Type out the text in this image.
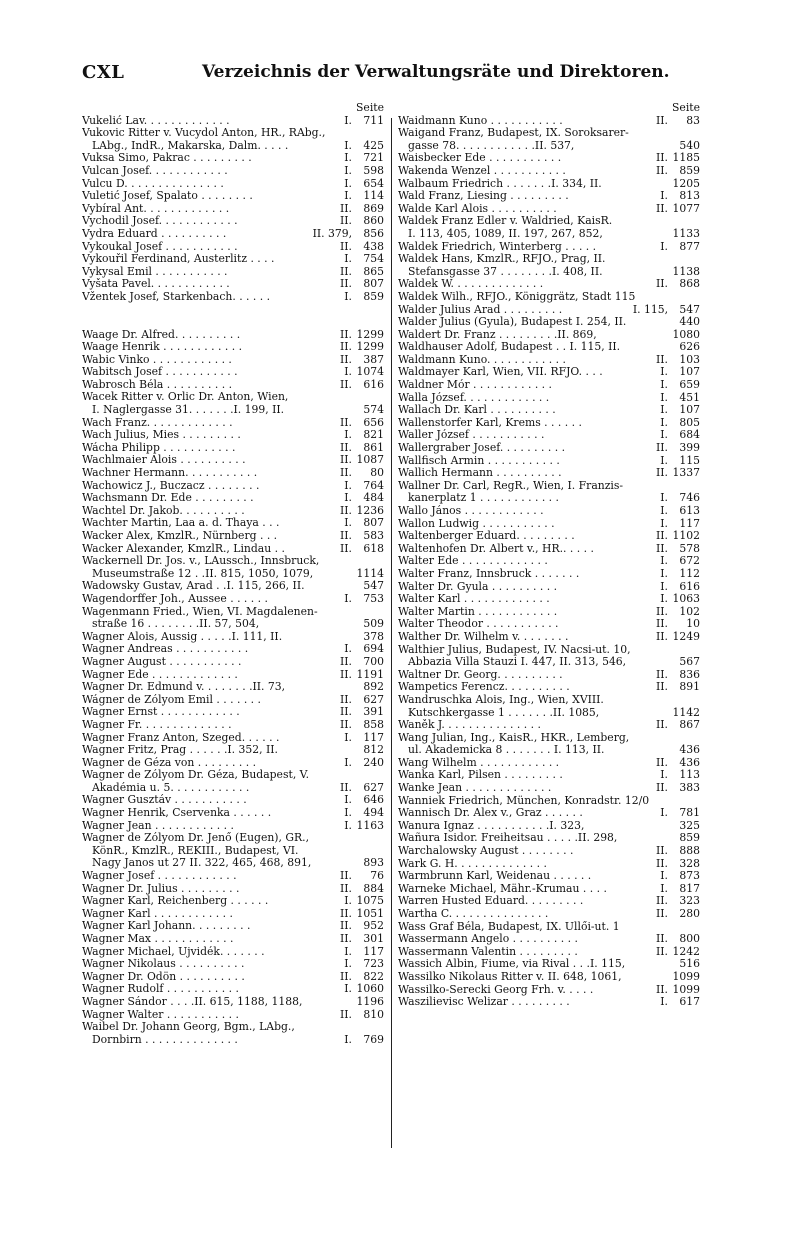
CXL	Verzeichnis der Verwaltungsräte und Direktoren.
Seite
Vukelić Lav. . . . . . . . . . . . .	I. 711
Vukovic Ritter v. Vucydol Anton, HR., RAbg.,
LAbg., IndR., Makarska, Dalm. . . . .	I. 425
Vuksa Simo, Pakrac . . . . . . . . .	I. 721
Vulcan Josef. . . . . . . . . . . .	I. 598
Vulcu D. . . . . . . . . . . . . . .	I. 654
Vuletić Josef, Spalato . . . . . . . .	I. 114
Vybíral Ant. . . . . . . . . . . . .	II. 869
Vychodil Josef. . . . . . . . . . . .	II. 860
Vydra Eduard . . . . . . . . . .	II. 379, 856
Vykoukal Josef . . . . . . . . . . .	II. 438
Vykouřil Ferdinand, Austerlitz . . . .	I. 754
Vykysal Emil . . . . . . . . . . .	II. 865
Vyšata Pavel. . . . . . . . . . . .	II. 807
Vžentek Josef, Starkenbach. . . . . .	I. 859
Waage Dr. Alfred. . . . . . . . . .	II. 1299
Waage Henrik . . . . . . . . . . . .	II. 1299
Wabic Vinko . . . . . . . . . . . .	II. 387
Wabitsch Josef . . . . . . . . . . .	I. 1074
Wabrosch Béla . . . . . . . . . .	II. 616
Wacek Ritter v. Orlic Dr. Anton, Wien,
I. Naglergasse 31. . . . . . .I. 199, II.	574
Wach Franz. . . . . . . . . . . . .	II. 656
Wach Julius, Mies . . . . . . . . .	I. 821
Wácha Philipp . . . . . . . . . . .	II. 861
Wachlmaier Alois . . . . . . . . . .	II. 1087
Wachner Hermann. . . . . . . . . . .	II. 80
Wachowicz J., Buczacz . . . . . . . .	I. 764
Wachsmann Dr. Ede . . . . . . . . .	I. 484
Wachtel Dr. Jakob. . . . . . . . . .	II. 1236
Wachter Martin, Laa a. d. Thaya . . .	I. 807
Wacker Alex, KmzlR., Nürnberg . . .	II. 583
Wacker Alexander, KmzlR., Lindau . .	II. 618
Wackernell Dr. Jos. v., LAussch., Innsbruck,
Museumstraße 12 . .II. 815, 1050, 1079,	1114
Wadowsky Gustav, Arad . .I. 115, 266, II.	547
Wagendorffer Joh., Aussee . . . . . .	I. 753
Wagenmann Fried., Wien, VI. Magdalenen-
straße 16 . . . . . . . .II. 57, 504,	509
Wagner Alois, Aussig . . . . .I. 111, II.	378
Wagner Andreas . . . . . . . . . . .	I. 694
Wagner August . . . . . . . . . . .	II. 700
Wagner Ede . . . . . . . . . . . . .	II. 1191
Wagner Dr. Edmund v. . . . . . . .II. 73,	892
Wágner de Zólyom Emil . . . . . . .	II. 627
Wagner Ernst . . . . . . . . . . . .	II. 391
Wagner Fr. . . . . . . . . . . . . .	II. 858
Wagner Franz Anton, Szeged. . . . . .	I. 117
Wagner Fritz, Prag . . . . . .I. 352, II.	812
Wagner de Géza von . . . . . . . . .	I. 240
Wagner de Zólyom Dr. Géza, Budapest, V.
Akadémia u. 5. . . . . . . . . . . .	II. 627
Wagner Gusztáv . . . . . . . . . . .	I. 646
Wagner Henrik, Cservenka . . . . . .	I. 494
Wagner Jean . . . . . . . . . . . .	I. 1163
Wagner de Zólyom Dr. Jenő (Eugen), GR.,
KönR., KmzlR., REKIII., Budapest, VI.
Nagy Janos ut 27 II. 322, 465, 468, 891,	893
Wagner Josef . . . . . . . . . . . .	II. 76
Wagner Dr. Julius . . . . . . . . .	II. 884
Wagner Karl, Reichenberg . . . . . .	I. 1075
Wagner Karl . . . . . . . . . . . .	II. 1051
Wagner Karl Johann. . . . . . . . .	II. 952
Wagner Max . . . . . . . . . . . .	II. 301
Wagner Michael, Ujvidék. . . . . . .	I. 117
Wagner Nikolaus . . . . . . . . . .	I. 723
Wagner Dr. Ödön . . . . . . . . . .	II. 822
Wagner Rudolf . . . . . . . . . . .	I. 1060
Wagner Sándor . . . .II. 615, 1188, 1188,	1196
Wagner Walter . . . . . . . . . . .	II. 810
Waibel Dr. Johann Georg, Bgm., LAbg.,
Dornbirn . . . . . . . . . . . . . .	I. 769
Seite
Waidmann Kuno . . . . . . . . . . .	II. 83
Waigand Franz, Budapest, IX. Soroksarer-
gasse 78. . . . . . . . . . . .II. 537,	540
Waisbecker Ede . . . . . . . . . . .	II. 1185
Wakenda Wenzel . . . . . . . . . . .	II. 859
Walbaum Friedrich . . . . . . .I. 334, II.	1205
Wald Franz, Liesing . . . . . . . . .	I. 813
Walde Karl Alois . . . . . . . . . .	II. 1077
Waldek Franz Edler v. Waldried, KaisR.
I. 113, 405, 1089, II. 197, 267, 852,	1133
Waldek Friedrich, Winterberg . . . . .	I. 877
Waldek Hans, KmzlR., RFJO., Prag, II.
Stefansgasse 37 . . . . . . . .I. 408, II.	1138
Waldek W. . . . . . . . . . . . . .	II. 868
Waldek Wilh., RFJO., Königgrätz, Stadt 115
Walder Julius Arad . . . . . . . . .	I. 115, 547
Walder Julius (Gyula), Budapest I. 254, II.	440
Waldert Dr. Franz . . . . . . . . .II. 869,	1080
Waldhauser Adolf, Budapest . . I. 115, II.	626
Waldmann Kuno. . . . . . . . . . . .	II. 103
Waldmayer Karl, Wien, VII. RFJO. . . .	I. 107
Waldner Mór . . . . . . . . . . . .	I. 659
Walla József. . . . . . . . . . . . .	I. 451
Wallach Dr. Karl . . . . . . . . . .	I. 107
Wallenstorfer Karl, Krems . . . . . .	I. 805
Waller József . . . . . . . . . . .	I. 684
Wallergraber Josef. . . . . . . . . .	II. 399
Wallfisch Armin . . . . . . . . . . .	I. 115
Wallich Hermann . . . . . . . . . .	II. 1337
Wallner Dr. Carl, RegR., Wien, I. Franzis-
kanerplatz 1 . . . . . . . . . . . .	I. 746
Wallo János . . . . . . . . . . . .	I. 613
Wallon Ludwig . . . . . . . . . . .	I. 117
Waltenberger Eduard. . . . . . . . .	II. 1102
Waltenhofen Dr. Albert v., HR.. . . . .	II. 578
Walter Ede . . . . . . . . . . . . .	I. 672
Walter Franz, Innsbruck . . . . . . .	I. 112
Walter Dr. Gyula . . . . . . . . . .	I. 616
Walter Karl . . . . . . . . . . . . .	I. 1063
Walter Martin . . . . . . . . . . . .	II. 102
Walter Theodor . . . . . . . . . . .	II. 10
Walther Dr. Wilhelm v. . . . . . . .	II. 1249
Walthier Julius, Budapest, IV. Nacsi-ut. 10,
Abbazia Villa Stauzi I. 447, II. 313, 546,	567
Waltner Dr. Georg. . . . . . . . . .	II. 836
Wampetics Ferencz. . . . . . . . . .	II. 891
Wandruschka Alois, Ing., Wien, XVIII.
Kutschkergasse 1 . . . . . . .II. 1085,	1142
Waněk J. . . . . . . . . . . . . . .	II. 867
Wang Julian, Ing., KaisR., HKR., Lemberg,
ul. Akademicka 8 . . . . . . . I. 113, II.	436
Wang Wilhelm . . . . . . . . . . . .	II. 436
Wanka Karl, Pilsen . . . . . . . . .	I. 113
Wanke Jean . . . . . . . . . . . . .	II. 383
Wanniek Friedrich, München, Konradstr. 12/0
Wannisch Dr. Alex v., Graz . . . . . .	I. 781
Wanura Ignaz . . . . . . . . . . .I. 323,	325
Wañura Isidor. Freiheitsau . . . . .II. 298,	859
Warchalowsky August . . . . . . . .	II. 888
Wark G. H. . . . . . . . . . . . . .	II. 328
Warmbrunn Karl, Weidenau . . . . . .	I. 873
Warneke Michael, Mähr.-Krumau . . . .	I. 817
Warren Husted Eduard. . . . . . . . .	II. 323
Wartha C. . . . . . . . . . . . . . .	II. 280
Wass Graf Béla, Budapest, IX. Üllői-ut. 1
Wassermann Angelo . . . . . . . . . .	II. 800
Wassermann Valentin . . . . . . . . .	II. 1242
Wassich Albin, Fiume, via Rival . . .I. 115,	516
Wassilko Nikolaus Ritter v. II. 648, 1061,	1099
Wassilko-Serecki Georg Frh. v. . . . .	II. 1099
Waszilievisc Welizar . . . . . . . . .	I. 617
